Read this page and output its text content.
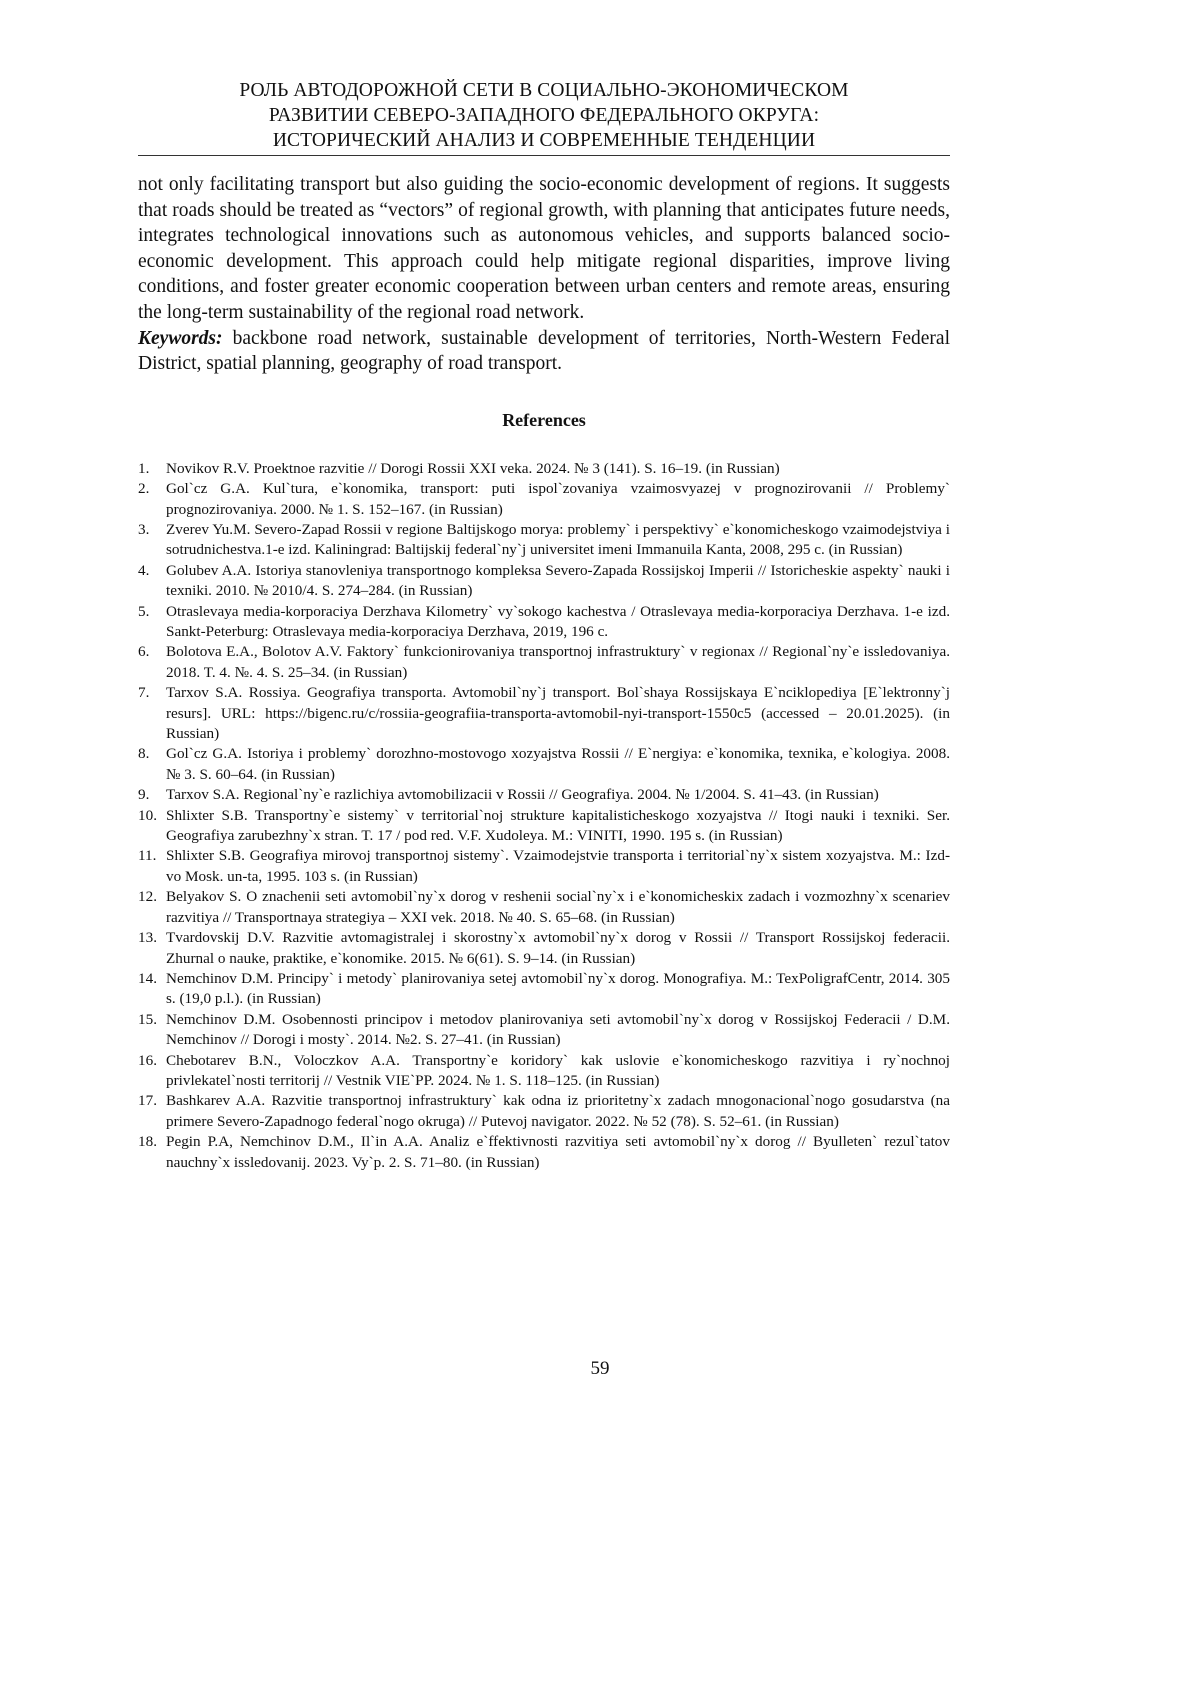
РОЛЬ АВТОДОРОЖНОЙ СЕТИ В СОЦИАЛЬНО-ЭКОНОМИЧЕСКОМ
РАЗВИТИИ СЕВЕРО-ЗАПАДНОГО ФЕДЕРАЛЬНОГО ОКРУГА:
ИСТОРИЧЕСКИЙ АНАЛИЗ И СОВРЕМЕННЫЕ ТЕНДЕНЦИИ

not only facilitating transport but also guiding the socio-economic development of regions. It suggests that roads should be treated as “vectors” of regional growth, with planning that anticipates future needs, integrates technological innovations such as autonomous vehicles, and supports balanced socio-economic development. This approach could help mitigate regional disparities, improve living conditions, and foster greater economic cooperation between urban centers and remote areas, ensuring the long-term sustainability of the regional road network.

Keywords: backbone road network, sustainable development of territories, North-Western Federal District, spatial planning, geography of road transport.

References
1. Novikov R.V. Proektnoe razvitie // Dorogi Rossii XXI veka. 2024. № 3 (141). S. 16–19. (in Russian)
2. Gol`cz G.A. Kul`tura, e`konomika, transport: puti ispol`zovaniya vzaimosvyazej v prognozirovanii // Problemy` prognozirovaniya. 2000. № 1. S. 152–167. (in Russian)
3. Zverev Yu.M. Severo-Zapad Rossii v regione Baltijskogo morya: problemy` i perspektivy` e`konomicheskogo vzaimodejstviya i sotrudnichestva.1-e izd. Kaliningrad: Baltijskij federal`ny`j universitet imeni Immanuila Kanta, 2008, 295 c. (in Russian)
4. Golubev A.A. Istoriya stanovleniya transportnogo kompleksa Severo-Zapada Rossijskoj Imperii // Istoricheskie aspekty` nauki i texniki. 2010. № 2010/4. S. 274–284. (in Russian)
5. Otraslevaya media-korporaciya Derzhava Kilometry` vy`sokogo kachestva / Otraslevaya media-korporaciya Derzhava. 1-e izd. Sankt-Peterburg: Otraslevaya media-korporaciya Derzhava, 2019, 196 c.
6. Bolotova E.A., Bolotov A.V. Faktory` funkcionirovaniya transportnoj infrastruktury` v regionax // Regional`ny`e issledovaniya. 2018. T. 4. №. 4. S. 25–34. (in Russian)
7. Tarxov S.A. Rossiya. Geografiya transporta. Avtomobil`ny`j transport. Bol`shaya Rossijskaya E`nciklopediya [E`lektronny`j resurs]. URL: https://bigenc.ru/c/rossiia-geografiia-transporta-avtomobil-nyi-transport-1550c5 (accessed – 20.01.2025). (in Russian)
8. Gol`cz G.A. Istoriya i problemy` dorozhno-mostovogo xozyajstva Rossii // E`nergiya: e`konomika, texnika, e`kologiya. 2008. № 3. S. 60–64. (in Russian)
9. Tarxov S.A. Regional`ny`e razlichiya avtomobilizacii v Rossii // Geografiya. 2004. № 1/2004. S. 41–43. (in Russian)
10. Shlixter S.B. Transportny`e sistemy` v territorial`noj strukture kapitalisticheskogo xozyajstva // Itogi nauki i texniki. Ser. Geografiya zarubezhny`x stran. T. 17 / pod red. V.F. Xudoleya. M.: VINITI, 1990. 195 s. (in Russian)
11. Shlixter S.B. Geografiya mirovoj transportnoj sistemy`. Vzaimodejstvie transporta i territorial`ny`x sistem xozyajstva. M.: Izd-vo Mosk. un-ta, 1995. 103 s. (in Russian)
12. Belyakov S. O znachenii seti avtomobil`ny`x dorog v reshenii social`ny`x i e`konomicheskix zadach i vozmozhny`x scenariev razvitiya // Transportnaya strategiya – XXI vek. 2018. № 40. S. 65–68. (in Russian)
13. Tvardovskij D.V. Razvitie avtomagistralej i skorostny`x avtomobil`ny`x dorog v Rossii // Transport Rossijskoj federacii. Zhurnal o nauke, praktike, e`konomike. 2015. № 6(61). S. 9–14. (in Russian)
14. Nemchinov D.M. Principy` i metody` planirovaniya setej avtomobil`ny`x dorog. Monografiya. M.: TexPoligrafCentr, 2014. 305 s. (19,0 p.l.). (in Russian)
15. Nemchinov D.M. Osobennosti principov i metodov planirovaniya seti avtomobil`ny`x dorog v Rossijskoj Federacii / D.M. Nemchinov // Dorogi i mosty`. 2014. №2. S. 27–41. (in Russian)
16. Chebotarev B.N., Voloczkov A.A. Transportny`e koridory` kak uslovie e`konomicheskogo razvitiya i ry`nochnoj privlekatel`nosti territorij // Vestnik VIE`PP. 2024. № 1. S. 118–125. (in Russian)
17. Bashkarev A.A. Razvitie transportnoj infrastruktury` kak odna iz prioritetny`x zadach mnogonacional`nogo gosudarstva (na primere Severo-Zapadnogo federal`nogo okruga) // Putevoj navigator. 2022. № 52 (78). S. 52–61. (in Russian)
18. Pegin P.A, Nemchinov D.M., Il`in A.A. Analiz e`ffektivnosti razvitiya seti avtomobil`ny`x dorog // Byulleten` rezul`tatov nauchny`x issledovanij. 2023. Vy`p. 2. S. 71–80. (in Russian)
59
